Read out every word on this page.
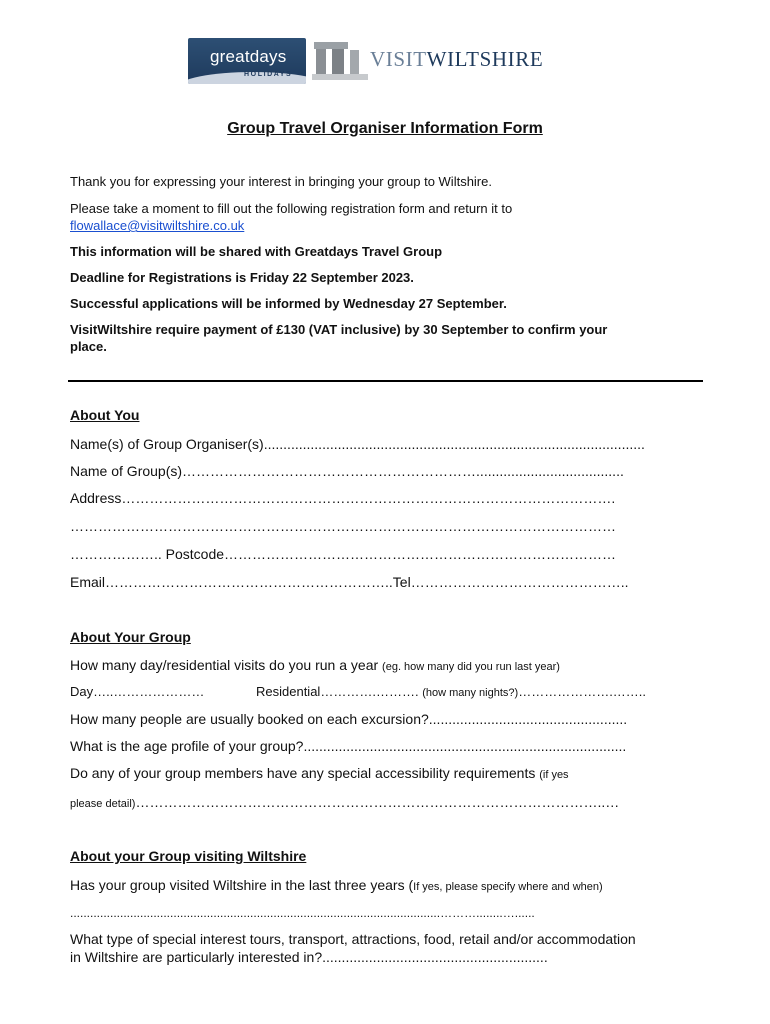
greatdays
HOLIDAYS
VISITWILTSHIRE
Group Travel Organiser Information Form
Thank you for expressing your interest in bringing your group to Wiltshire.
Please take a moment to fill out the following registration form and return it to
flowallace@visitwiltshire.co.uk
This information will be shared with Greatdays Travel Group
Deadline for Registrations is Friday 22 September 2023.
Successful applications will be informed by Wednesday 27 September.
VisitWiltshire require payment of £130 (VAT inclusive) by 30 September to confirm your
place.
About You
Name(s) of Group Organiser(s)..................................................................................................
Name of Group(s)………………………………………………………......................................
Address…………………………………………………………………………………………….
………………………………………………………………………………………………………
……………….. Postcode…………………………………………………………………………
Email……………………………………………………..Tel………………………………………..
About Your Group
How many day/residential visits do you run a year (eg. how many did you run last year)
Day…..…………………	Residential………….………. (how many nights?)………………….……..
How many people are usually booked on each excursion?...................................................
What is the age profile of your group?...................................................................................
Do any of your group members have any special accessibility requirements (if yes
please detail)………………………………………………………………………………………..…
About your Group visiting Wiltshire
Has your group visited Wiltshire in the last three years (If yes, please specify where and when)
...............................................................................................................………........…......
What type of special interest tours, transport, attractions, food, retail and/or accommodation
in Wiltshire are particularly interested in?..........................................................
